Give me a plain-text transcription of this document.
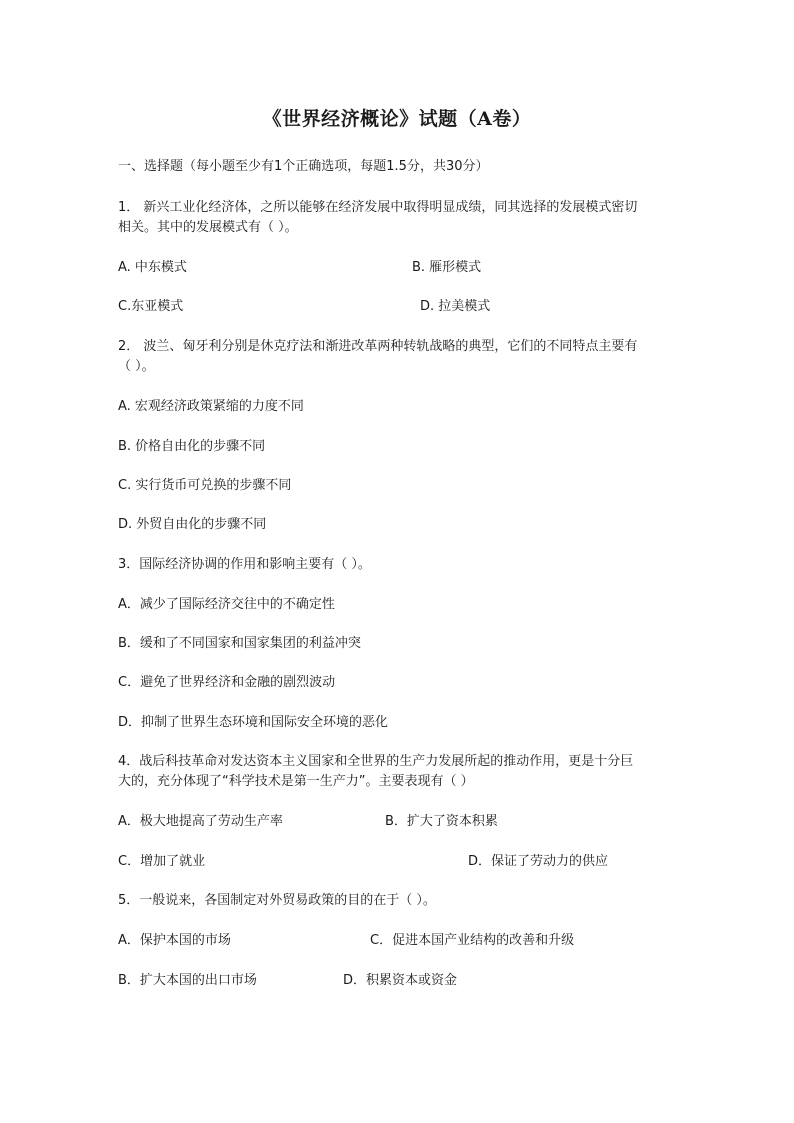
《世界经济概论》试题（A卷）
一、选择题（每小题至少有1个正确选项，每题1.5分，共30分）
1． 新兴工业化经济体，之所以能够在经济发展中取得明显成绩，同其选择的发展模式密切
相关。其中的发展模式有（ ）。
A. 中东模式	B. 雁形模式
C.东亚模式	D. 拉美模式
2． 波兰、匈牙利分别是休克疗法和渐进改革两种转轨战略的典型，它们的不同特点主要有
（ ）。
A. 宏观经济政策紧缩的力度不同
B. 价格自由化的步骤不同
C. 实行货币可兑换的步骤不同
D. 外贸自由化的步骤不同
3．国际经济协调的作用和影响主要有（ ）。
A．减少了国际经济交往中的不确定性
B．缓和了不同国家和国家集团的利益冲突
C．避免了世界经济和金融的剧烈波动
D．抑制了世界生态环境和国际安全环境的恶化
4．战后科技革命对发达资本主义国家和全世界的生产力发展所起的推动作用，更是十分巨
大的，充分体现了“科学技术是第一生产力”。主要表现有（ ）
A．极大地提高了劳动生产率	B．扩大了资本积累
C．增加了就业	D．保证了劳动力的供应
5．一般说来，各国制定对外贸易政策的目的在于（ ）。
A．保护本国的市场	C．促进本国产业结构的改善和升级
B．扩大本国的出口市场	D．积累资本或资金
